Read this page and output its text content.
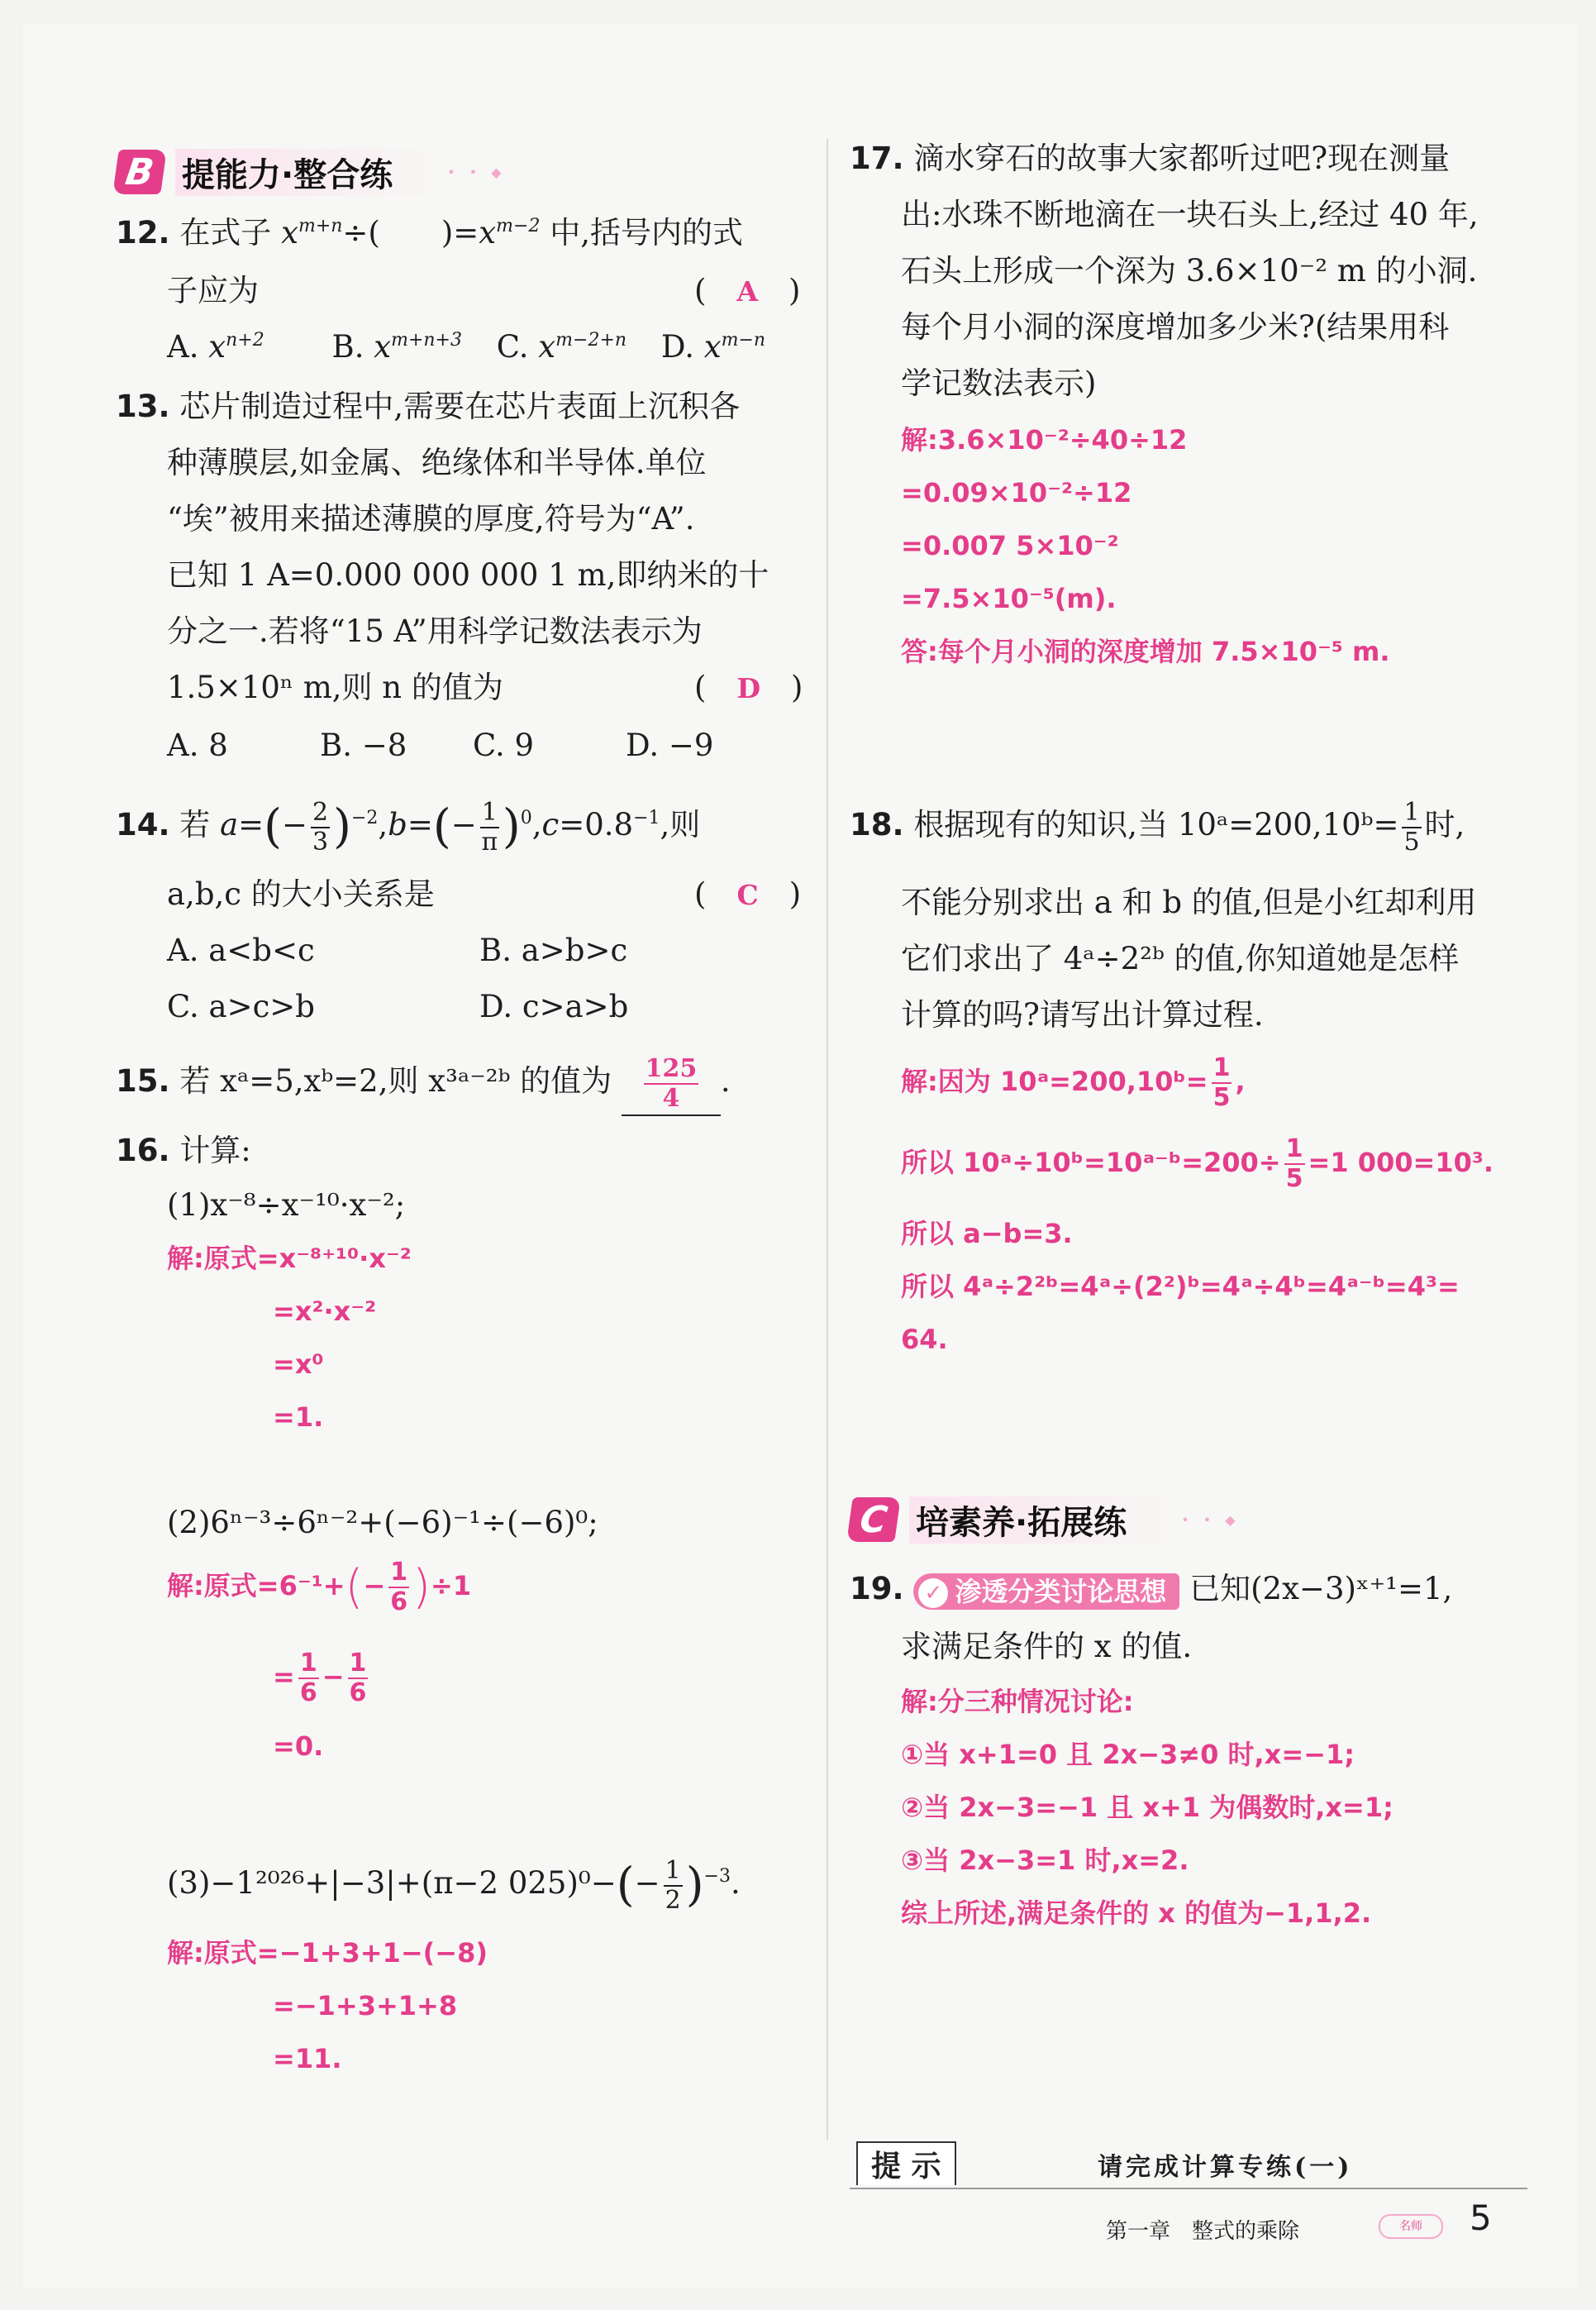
B 提能力·整合练	• • ◆
12. 在式子 $x^{m+n}\div$(　　)$=x^{m-2}$ 中,括号内的式
子应为	(　A　)
A. $x^{n+2}$ B. $x^{m+n+3}$ C. $x^{m-2+n}$ D. $x^{m-n}$
13. 芯片制造过程中,需要在芯片表面上沉积各
种薄膜层,如金属、绝缘体和半导体.单位
“埃”被用来描述薄膜的厚度,符号为“A”.
已知 1 A=0.000 000 000 1 m,即纳米的十
分之一.若将“15 A”用科学记数法表示为
1.5×10ⁿ m,则 n 的值为	(　D　)
A. 8	B. −8 C. 9	D. −9
14. 若 $a=(- \frac{2}{3} )^{-2},b=(- \frac{1}{\pi} )^0,c=0.8^{-1}$,则
a,b,c 的大小关系是	(　C　)
A. a<b<c	B. a>b>c
C. a>c>b	D. c>a>b
15. 若 xᵃ=5,xᵇ=2,则 x³ᵃ⁻²ᵇ 的值为 $\frac{125}{4}$ .
16. 计算:
(1)x⁻⁸÷x⁻¹⁰·x⁻²;
解:原式=x⁻⁸⁺¹⁰·x⁻²
=x²·x⁻²
=x⁰
=1.
(2)6ⁿ⁻³÷6ⁿ⁻²+(−6)⁻¹÷(−6)⁰;
解:原式$=6^{-1}+(- \frac{1}{6} )\div 1$
= $\frac{1}{6} - \frac{1}{6}$
=0.
(3)−1²⁰²⁶+|−3|+(π−2 $025)^0-(- \frac{1}{2} )^{-3}$.
解:原式=−1+3+1−(−8)
=−1+3+1+8
=11.
17. 滴水穿石的故事大家都听过吧?现在测量
出:水珠不断地滴在一块石头上,经过 40 年,
石头上形成一个深为 3.6×10⁻² m 的小洞.
每个月小洞的深度增加多少米?(结果用科
学记数法表示)
解:3.6×10⁻²÷40÷12
=0.09×10⁻²÷12
=0.007 5×10⁻²
=7.5×10⁻⁵(m).
答:每个月小洞的深度增加 7.5×10⁻⁵ m.
18. 根据现有的知识,当 10ᵃ=200,10ᵇ= $\frac{1}{5}$ 时,
不能分别求出 a 和 b 的值,但是小红却利用
它们求出了 4ᵃ÷2²ᵇ 的值,你知道她是怎样
计算的吗?请写出计算过程.
解:因为 10ᵃ=200,10ᵇ= $\frac{1}{5}$ ,
所以 10ᵃ÷10ᵇ=10ᵃ⁻ᵇ=200÷ $\frac{1}{5} =1$ 000=10³.
所以 a−b=3.
所以 4ᵃ÷2²ᵇ=4ᵃ÷(2²)ᵇ=4ᵃ÷4ᵇ=4ᵃ⁻ᵇ=4³=
64.
C 培素养·拓展练	• • ◆
19. ✓ 渗透分类讨论思想 已知(2x−3)ˣ⁺¹=1,
求满足条件的 x 的值.
解:分三种情况讨论:
①当 x+1=0 且 2x−3≠0 时,x=−1;
②当 2x−3=−1 且 x+1 为偶数时,x=1;
③当 2x−3=1 时,x=2.
综上所述,满足条件的 x 的值为−1,1,2.
提 示	请完成计算专练(一)
第一章　整式的乘除	名师	5
